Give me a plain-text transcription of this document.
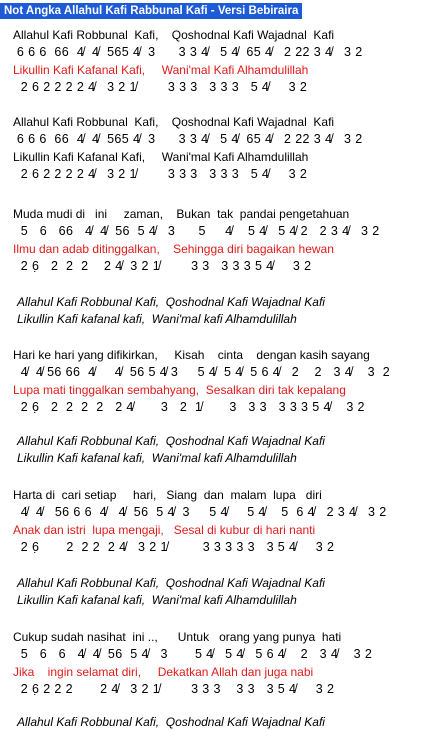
Not Angka Allahul Kafi Rabbunal Kafi - Versi Bebiraira
Allahul Kafi Robbunal  Kafi,    Qoshodnal Kafi Wajadnal  Kafi
6 6 6  66  4̸  4̸  565 4̸  3      3 3 4̸   5 4̸  65 4̸   2 22 3 4̸   3 2
Likullin Kafi Kafanal Kafi,     Wani'mal Kafi Alhamdulillah
2 6 2 2 2 2 4̸   3 2 1̸        3 3 3   3 3 3   5 4̸     3 2
Allahul Kafi Robbunal  Kafi,    Qoshodnal Kafi Wajadnal  Kafi
6 6 6  66  4̸  4̸  565 4̸  3      3 3 4̸   5 4̸  65 4̸   2 22 3 4̸   3 2
Likullin Kafi Kafanal Kafi,     Wani'mal Kafi Alhamdulillah
2 6 2 2 2 2 4̸   3 2 1̸        3 3 3   3 3 3   5 4̸     3 2
Muda mudi di   ini     zaman,    Bukan  tak  pandai pengetahuan
5   6   66   4̸  4̸  56  5 4̸   3      5     4̸    5 4̸   5 4̸ 2   2 3 4̸   3 2
Ilmu dan adab ditinggalkan,    Sehingga diri bagaikan hewan
2 6̣   2  2  2    2 4̸  3 2 1̸        3 3   3 3 3 5 4̸     3 2
Allahul Kafi Robbunal Kafi,  Qoshodnal Kafi Wajadnal Kafi
Likullin Kafi kafanal kafi,  Wani'mal kafi Alhamdulillah
Hari ke hari yang difikirkan,     Kisah    cinta    dengan kasih sayang
4̸  4̸ 56 66  4̸     4̸  56 5 4̸ 3     5 4̸  5 4̸  5 6 4̸   2    2   3 4̸    3  2
Lupa mati tinggalkan sembahyang,  Sesalkan diri tak kepalang
2 6̣   2  2  2  2   2 4̸       3   2  1̸       3   3 3   3 3 3 5 4̸    3 2
Allahul Kafi Robbunal Kafi,  Qoshodnal Kafi Wajadnal Kafi
Likullin Kafi kafanal kafi,  Wani'mal kafi Alhamdulillah
Harta di  cari setiap     hari,   Siang  dan  malam  lupa   diri
4̸  4̸   56 6 6  4̸   4̸  56  5 4̸  3     5 4̸     5 4̸    5  6 4̸   2 3 4̸   3 2
Anak dan istri  lupa mengaji,   Sesal di kubur di hari nanti
2 6̣       2  2 2  2 4̸   3 2 1̸         3 3 3 3 3   3 5 4̸     3 2
Allahul Kafi Robbunal Kafi,  Qoshodnal Kafi Wajadnal Kafi
Likullin Kafi kafanal kafi,  Wani'mal kafi Alhamdulillah
Cukup sudah nasihat  ini ..,      Untuk   orang yang punya  hati
5   6   6   4̸  4̸  56  5 4̸   3       5 4̸   5 4̸   5 6 4̸    2   3 4̸    3 2
Jika    ingin selamat diri,     Dekatkan Allah dan juga nabi
2 6̣ 2 2 2       2 4̸   3 2 1̸        3 3 3    3 3   3 5 4̸     3 2
Allahul Kafi Robbunal Kafi,  Qoshodnal Kafi Wajadnal Kafi
